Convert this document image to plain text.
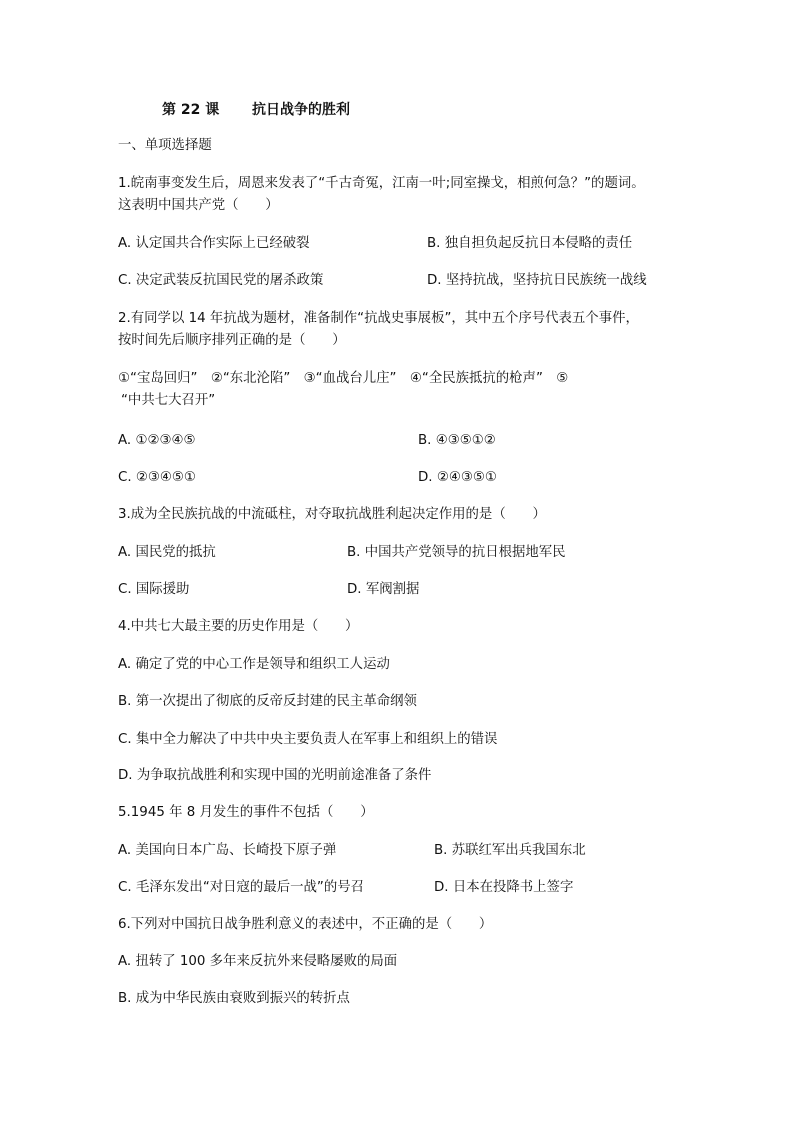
第 22 课 抗日战争的胜利
一、单项选择题
1.皖南事变发生后，周恩来发表了“千古奇冤，江南一叶;同室操戈，相煎何急？”的题词。
这表明中国共产党（　　）
A. 认定国共合作实际上已经破裂	B. 独自担负起反抗日本侵略的责任
C. 决定武装反抗国民党的屠杀政策	D. 坚持抗战，坚持抗日民族统一战线
2.有同学以 14 年抗战为题材，准备制作“抗战史事展板”，其中五个序号代表五个事件，
按时间先后顺序排列正确的是（　　）
①“宝岛回归”　②“东北沦陷”　③“血战台儿庄”　④“全民族抵抗的枪声”　⑤
“中共七大召开”
A. ①②③④⑤	B. ④③⑤①②
C. ②③④⑤①	D. ②④③⑤①
3.成为全民族抗战的中流砥柱，对夺取抗战胜利起决定作用的是（　　）
A. 国民党的抵抗	B. 中国共产党领导的抗日根据地军民
C. 国际援助	D. 军阀割据
4.中共七大最主要的历史作用是（　　）
A. 确定了党的中心工作是领导和组织工人运动
B. 第一次提出了彻底的反帝反封建的民主革命纲领
C. 集中全力解决了中共中央主要负责人在军事上和组织上的错误
D. 为争取抗战胜利和实现中国的光明前途准备了条件
5.1945 年 8 月发生的事件不包括（　　）
A. 美国向日本广岛、长崎投下原子弹	B. 苏联红军出兵我国东北
C. 毛泽东发出“对日寇的最后一战”的号召	D. 日本在投降书上签字
6.下列对中国抗日战争胜利意义的表述中，不正确的是（　　）
A. 扭转了 100 多年来反抗外来侵略屡败的局面
B. 成为中华民族由衰败到振兴的转折点
